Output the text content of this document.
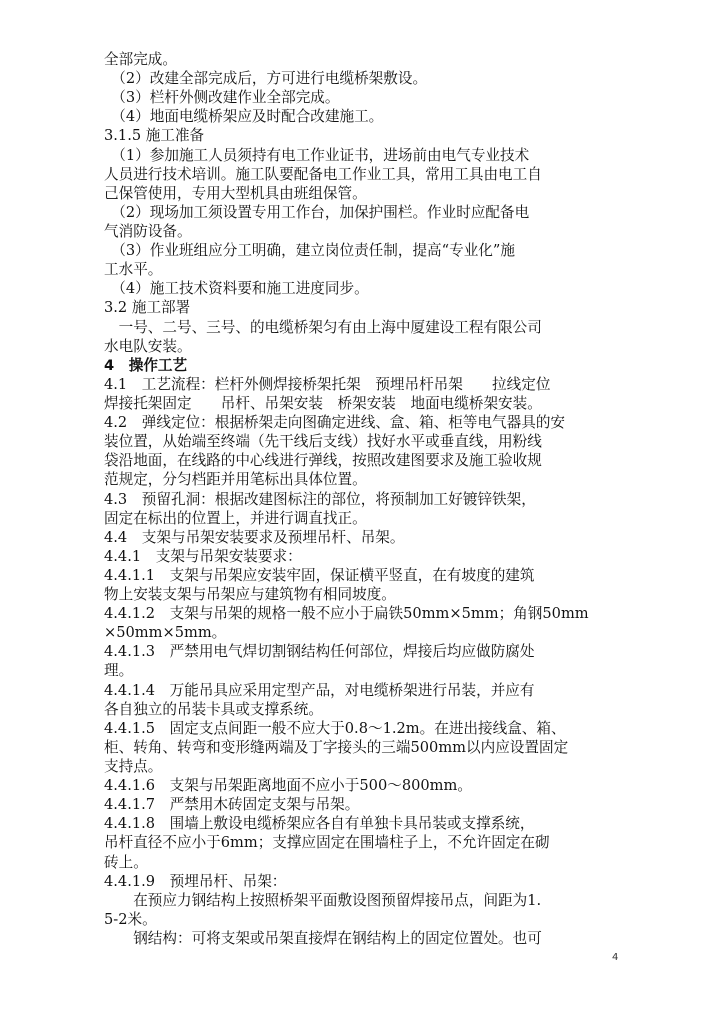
全部完成。
　（2）改建全部完成后，方可进行电缆桥架敷设。
　（3）栏杆外侧改建作业全部完成。
　（4）地面电缆桥架应及时配合改建施工。
3.1.5 施工准备
　（1）参加施工人员须持有电工作业证书，进场前由电气专业技术
人员进行技术培训。施工队要配备电工作业工具，常用工具由电工自
己保管使用，专用大型机具由班组保管。
　（2）现场加工须设置专用工作台，加保护围栏。作业时应配备电
气消防设备。
　（3）作业班组应分工明确，建立岗位责任制，提高“专业化”施
工水平。
　（4）施工技术资料要和施工进度同步。
3.2 施工部署
　一号、二号、三号、的电缆桥架匀有由上海中厦建设工程有限公司
水电队安装。
4　操作工艺
4.1　工艺流程：栏杆外侧焊接桥架托架　预埋吊杆吊架　　拉线定位
焊接托架固定　　吊杆、吊架安装　桥架安装　地面电缆桥架安装。
4.2　弹线定位：根据桥架走向图确定进线、盒、箱、柜等电气器具的安
装位置，从始端至终端（先干线后支线）找好水平或垂直线，用粉线
袋沿地面，在线路的中心线进行弹线，按照改建图要求及施工验收规
范规定，分匀档距并用笔标出具体位置。
4.3　预留孔洞：根据改建图标注的部位，将预制加工好镀锌铁架，
固定在标出的位置上，并进行调直找正。
4.4　支架与吊架安装要求及预埋吊杆、吊架。
4.4.1　支架与吊架安装要求：
4.4.1.1　支架与吊架应安装牢固，保证横平竖直，在有坡度的建筑
物上安装支架与吊架应与建筑物有相同坡度。
4.4.1.2　支架与吊架的规格一般不应小于扁铁50mm×5mm；角钢50mm
×50mm×5mm。
4.4.1.3　严禁用电气焊切割钢结构任何部位，焊接后均应做防腐处
理。
4.4.1.4　万能吊具应采用定型产品，对电缆桥架进行吊装，并应有
各自独立的吊装卡具或支撑系统。
4.4.1.5　固定支点间距一般不应大于0.8～1.2m。在进出接线盒、箱、
柜、转角、转弯和变形缝两端及丁字接头的三端500mm以内应设置固定
支持点。
4.4.1.6　支架与吊架距离地面不应小于500～800mm。
4.4.1.7　严禁用木砖固定支架与吊架。
4.4.1.8　围墙上敷设电缆桥架应各自有单独卡具吊装或支撑系统，
吊杆直径不应小于6mm；支撑应固定在围墙柱子上，不允许固定在砌
砖上。
4.4.1.9　预埋吊杆、吊架：
　　在预应力钢结构上按照桥架平面敷设图预留焊接吊点，间距为1.
5-2米。
　　钢结构：可将支架或吊架直接焊在钢结构上的固定位置处。也可
4
